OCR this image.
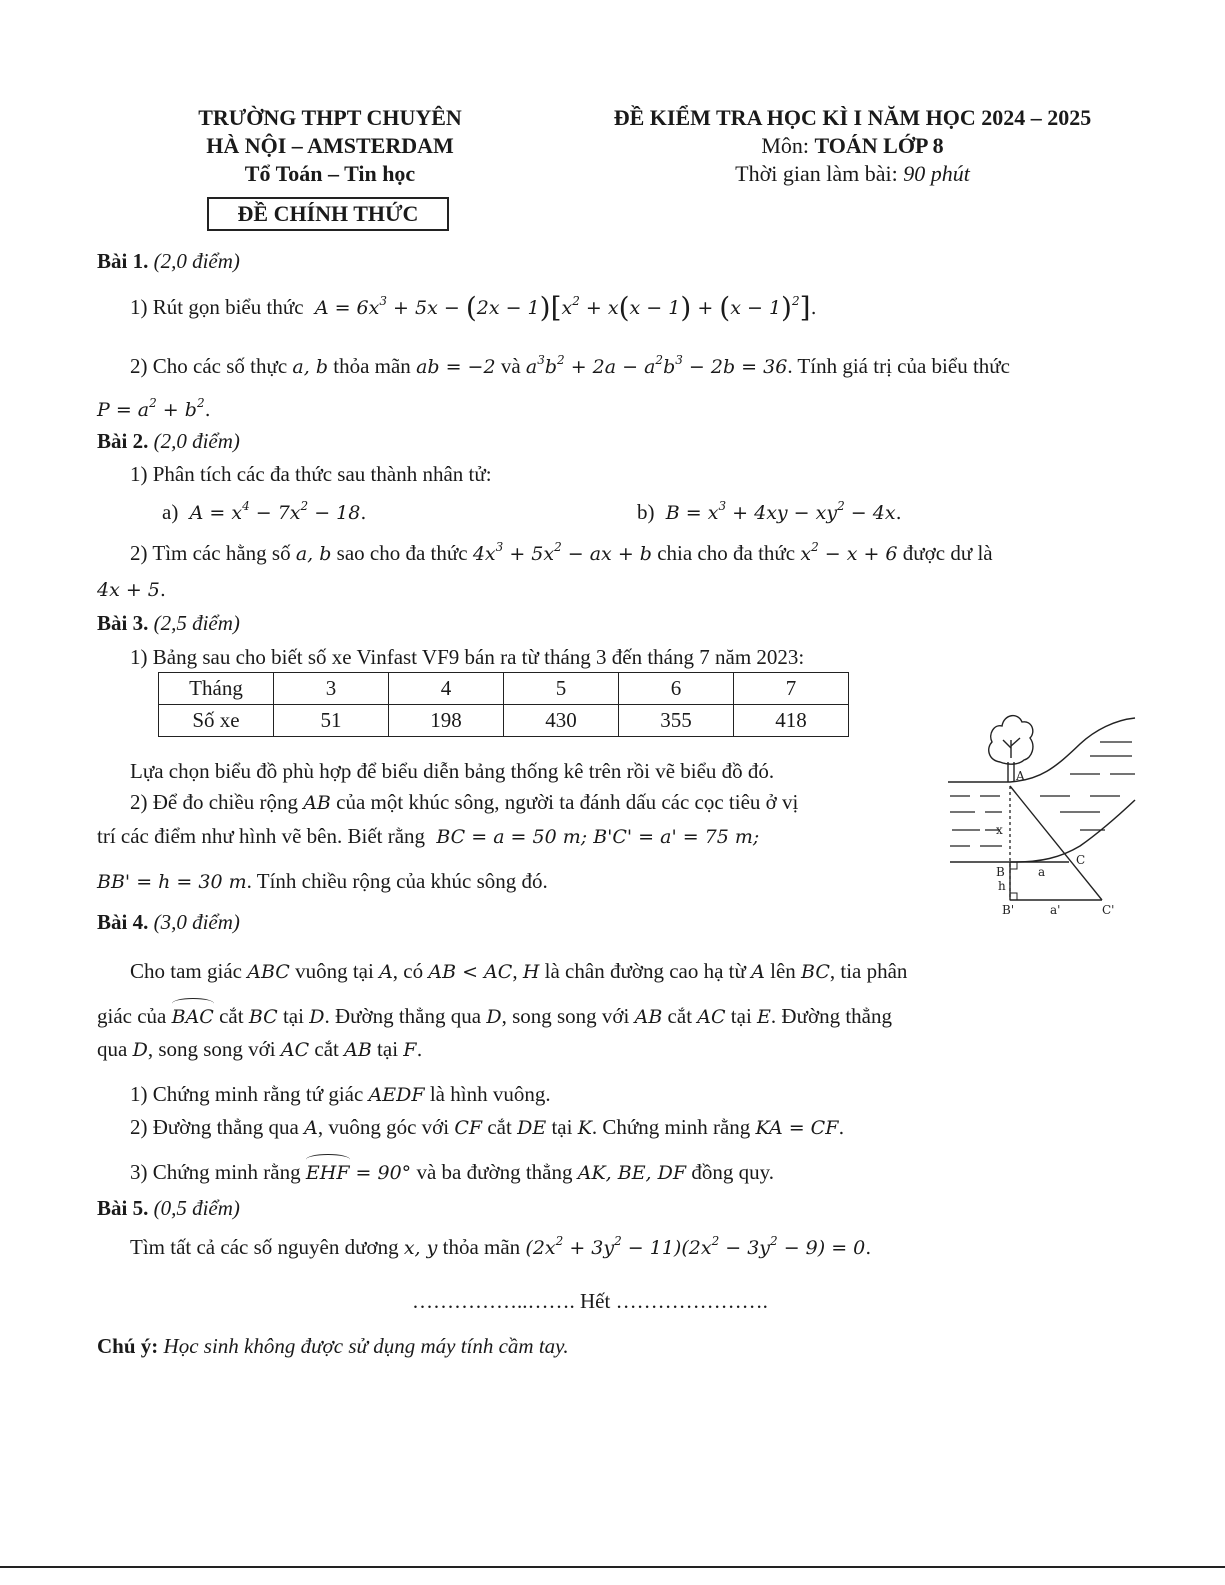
TRƯỜNG THPT CHUYÊN
HÀ NỘI – AMSTERDAM
Tổ Toán – Tin học
ĐỀ CHÍNH THỨC
ĐỀ KIỂM TRA HỌC KÌ I NĂM HỌC 2024 – 2025
Môn: TOÁN LỚP 8
Thời gian làm bài: 90 phút
Bài 1. (2,0 điểm)
1) Rút gọn biểu thức  $A = 6x^3 + 5x - (2x - 1)[x^2 + x(x - 1) + (x - 1)^2]$.
2) Cho các số thực a, b thỏa mãn ab = −2 và $a^3b^2 + 2a - a^2b^3 - 2b = 36$. Tính giá trị của biểu thức
$P = a^2 + b^2$.
Bài 2. (2,0 điểm)
1) Phân tích các đa thức sau thành nhân tử:
a)  $A = x^4 - 7x^2 - 18$.	b)  $B = x^3 + 4xy - xy^2 - 4x$.
2) Tìm các hằng số a, b sao cho đa thức $4x^3 + 5x^2$ − ax + b chia cho đa thức $x^2 - x + 6$ được dư là
4x + 5.
Bài 3. (2,5 điểm)
1) Bảng sau cho biết số xe Vinfast VF9 bán ra từ tháng 3 đến tháng 7 năm 2023:
Tháng	3	4	5	6	7
Số xe	51	198	430	355	418
Lựa chọn biểu đồ phù hợp để biểu diễn bảng thống kê trên rồi vẽ biểu đồ đó.
2) Để đo chiều rộng AB của một khúc sông, người ta đánh dấu các cọc tiêu ở vị
trí các điểm như hình vẽ bên. Biết rằng  BC = a = 50 m; B'C' = a' = 75 m;
BB' = h = 30 m. Tính chiều rộng của khúc sông đó.
A
x
B
h
C
a
B'	a'	C'
Bài 4. (3,0 điểm)
Cho tam giác ABC vuông tại A, có AB < AC, H là chân đường cao hạ từ A lên BC, tia phân
giác của BAC cắt BC tại D. Đường thẳng qua D, song song với AB cắt AC tại E. Đường thẳng
qua D, song song với AC cắt AB tại F.
1) Chứng minh rằng tứ giác AEDF là hình vuông.
2) Đường thẳng qua A, vuông góc với CF cắt DE tại K. Chứng minh rằng KA = CF.
3) Chứng minh rằng EHF = 90° và ba đường thẳng AK, BE, DF đồng quy.
Bài 5. (0,5 điểm)
Tìm tất cả các số nguyên dương x, y thỏa mãn $(2x^2 + 3y^2 - 11)(2x^2 - 3y^2 - 9) = 0$.
……………..……. Hết ………………….
Chú ý: Học sinh không được sử dụng máy tính cầm tay.
